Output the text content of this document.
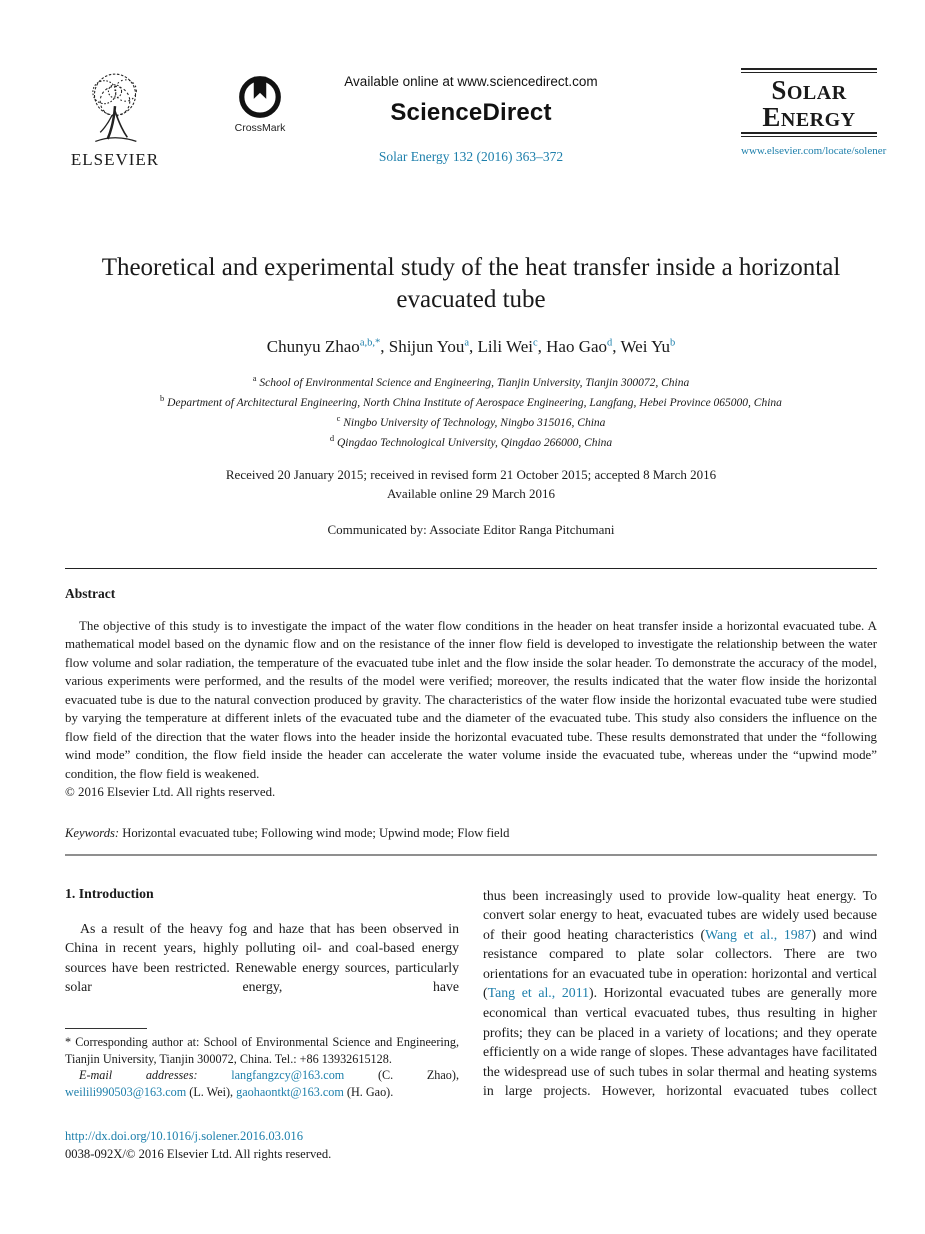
ELSEVIER
CrossMark
Available online at www.sciencedirect.com
ScienceDirect
Solar Energy 132 (2016) 363–372
SOLAR
ENERGY
www.elsevier.com/locate/solener
Theoretical and experimental study of the heat transfer inside a horizontal evacuated tube
Chunyu Zhao$^{a,b,*}$, Shijun You$^a$, Lili Wei$^c$, Hao Gao$^d$, Wei Yu$^b$
$^a$ School of Environmental Science and Engineering, Tianjin University, Tianjin 300072, China
$^b$ Department of Architectural Engineering, North China Institute of Aerospace Engineering, Langfang, Hebei Province 065000, China
$^c$ Ningbo University of Technology, Ningbo 315016, China
$^d$ Qingdao Technological University, Qingdao 266000, China
Received 20 January 2015; received in revised form 21 October 2015; accepted 8 March 2016
Available online 29 March 2016
Communicated by: Associate Editor Ranga Pitchumani
Abstract

The objective of this study is to investigate the impact of the water flow conditions in the header on heat transfer inside a horizontal evacuated tube. A mathematical model based on the dynamic flow and on the resistance of the inner flow field is developed to investigate the relationship between the water flow volume and solar radiation, the temperature of the evacuated tube inlet and the flow inside the solar header. To demonstrate the accuracy of the model, various experiments were performed, and the results of the model were verified; moreover, the results indicated that the water flow inside the horizontal evacuated tube is due to the natural convection produced by gravity. The characteristics of the water flow inside the horizontal evacuated tube were studied by varying the temperature at different inlets of the evacuated tube and the diameter of the evacuated tube. This study also considers the influence on the flow field of the direction that the water flows into the header inside the horizontal evacuated tube. These results demonstrated that under the “following wind mode” condition, the flow field inside the header can accelerate the water volume inside the evacuated tube, whereas under the “upwind mode” condition, the flow field is weakened.

© 2016 Elsevier Ltd. All rights reserved.
Keywords: Horizontal evacuated tube; Following wind mode; Upwind mode; Flow field
1. Introduction

As a result of the heavy fog and haze that has been observed in China in recent years, highly polluting oil- and coal-based energy sources have been restricted. Renewable energy sources, particularly solar energy, have

* Corresponding author at: School of Environmental Science and Engineering, Tianjin University, Tianjin 300072, China. Tel.: +86 13932615128.

E-mail addresses: langfangzcy@163.com (C. Zhao), weilili990503@163.com (L. Wei), gaohaontkt@163.com (H. Gao).

thus been increasingly used to provide low-quality heat energy. To convert solar energy to heat, evacuated tubes are widely used because of their good heating characteristics (Wang et al., 1987) and wind resistance compared to plate solar collectors. There are two orientations for an evacuated tube in operation: horizontal and vertical (Tang et al., 2011). Horizontal evacuated tubes are generally more economical than vertical evacuated tubes, thus resulting in higher profits; they can be placed in a variety of locations; and they operate efficiently on a wide range of slopes. These advantages have facilitated the widespread use of such tubes in solar thermal and heating systems in large projects. However, horizontal evacuated tubes collect

http://dx.doi.org/10.1016/j.solener.2016.03.016
0038-092X/© 2016 Elsevier Ltd. All rights reserved.
